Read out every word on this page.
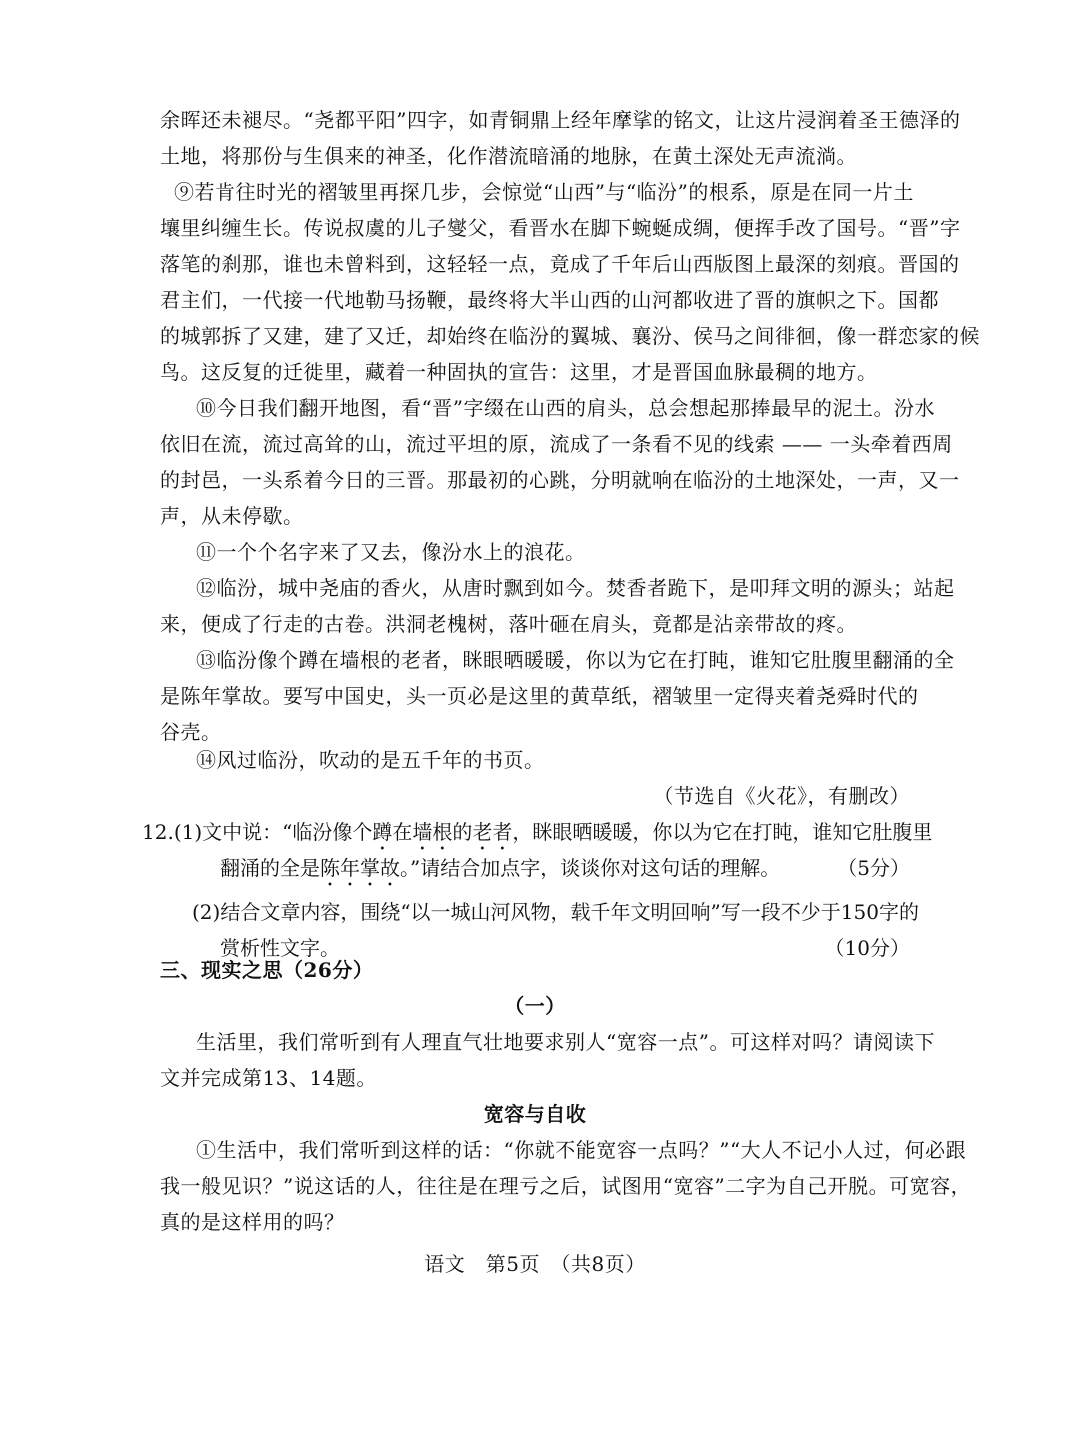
余晖还未褪尽。“尧都平阳”四字，如青铜鼎上经年摩挲的铭文，让这片浸润着圣王德泽的
土地，将那份与生俱来的神圣，化作潜流暗涌的地脉，在黄土深处无声流淌。
⑨若肯往时光的褶皱里再探几步，会惊觉“山西”与“临汾”的根系，原是在同一片土
壤里纠缠生长。传说叔虞的儿子燮父，看晋水在脚下蜿蜒成绸，便挥手改了国号。“晋”字
落笔的刹那，谁也未曾料到，这轻轻一点，竟成了千年后山西版图上最深的刻痕。晋国的
君主们，一代接一代地勒马扬鞭，最终将大半山西的山河都收进了晋的旗帜之下。国都
的城郭拆了又建，建了又迁，却始终在临汾的翼城、襄汾、侯马之间徘徊，像一群恋家的候
鸟。这反复的迁徙里，藏着一种固执的宣告：这里，才是晋国血脉最稠的地方。
⑩今日我们翻开地图，看“晋”字缀在山西的肩头，总会想起那捧最早的泥土。汾水
依旧在流，流过高耸的山，流过平坦的原，流成了一条看不见的线索 —— 一头牵着西周
的封邑，一头系着今日的三晋。那最初的心跳，分明就响在临汾的土地深处，一声，又一
声，从未停歇。
⑪一个个名字来了又去，像汾水上的浪花。
⑫临汾，城中尧庙的香火，从唐时飘到如今。焚香者跪下，是叩拜文明的源头；站起
来，便成了行走的古卷。洪洞老槐树，落叶砸在肩头，竟都是沾亲带故的疼。
⑬临汾像个蹲在墙根的老者，眯眼晒暖暖，你以为它在打盹，谁知它肚腹里翻涌的全
是陈年掌故。要写中国史，头一页必是这里的黄草纸，褶皱里一定得夹着尧舜时代的
谷壳。
⑭风过临汾，吹动的是五千年的书页。
（节选自《火花》，有删改）
12.(1)文中说：“临汾像个蹲在墙根的老者，眯眼晒暖暖，你以为它在打盹，谁知它肚腹里
翻涌的全是陈年掌故。”请结合加点字，谈谈你对这句话的理解。	（5分）
(2)结合文章内容，围绕“以一城山河风物，载千年文明回响”写一段不少于150字的
赏析性文字。	（10分）
三、现实之思（26分）
（一）
生活里，我们常听到有人理直气壮地要求别人“宽容一点”。可这样对吗？请阅读下
文并完成第13、14题。
宽容与自收
①生活中，我们常听到这样的话：“你就不能宽容一点吗？”“大人不记小人过，何必跟
我一般见识？”说这话的人，往往是在理亏之后，试图用“宽容”二字为自己开脱。可宽容，
真的是这样用的吗？
语文　第5页　（共8页）
